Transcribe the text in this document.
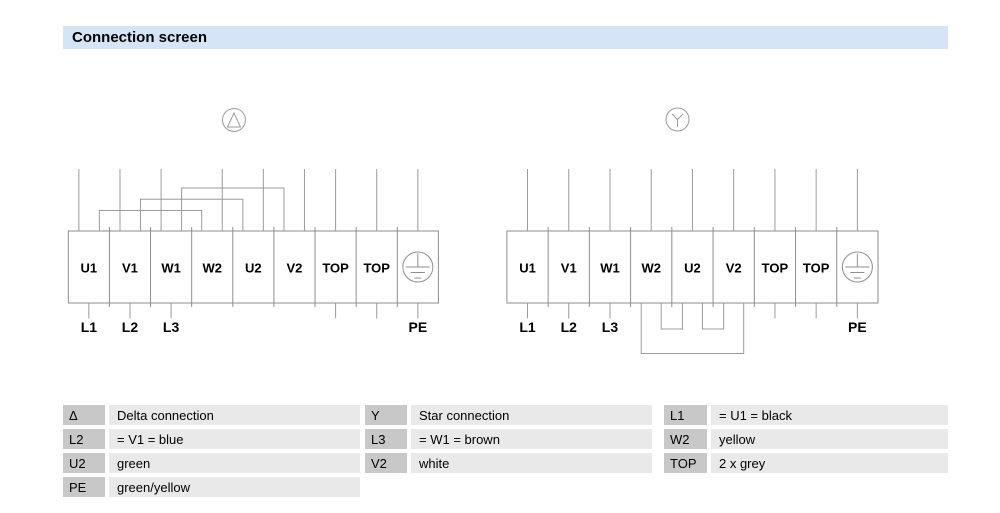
Connection screen
U1 V1 W1 W2 U2 V2 TOP TOP
L1 L2 L3	PE
U1 V1 W1 W2 U2 V2 TOP TOP
L1 L2 L3	PE
Δ	Delta connection	Y	Star connection	L1	= U1 = black
L2	= V1 = blue	L3	= W1 = brown	W2	yellow
U2	green	V2	white	TOP	2 x grey
PE	green/yellow
